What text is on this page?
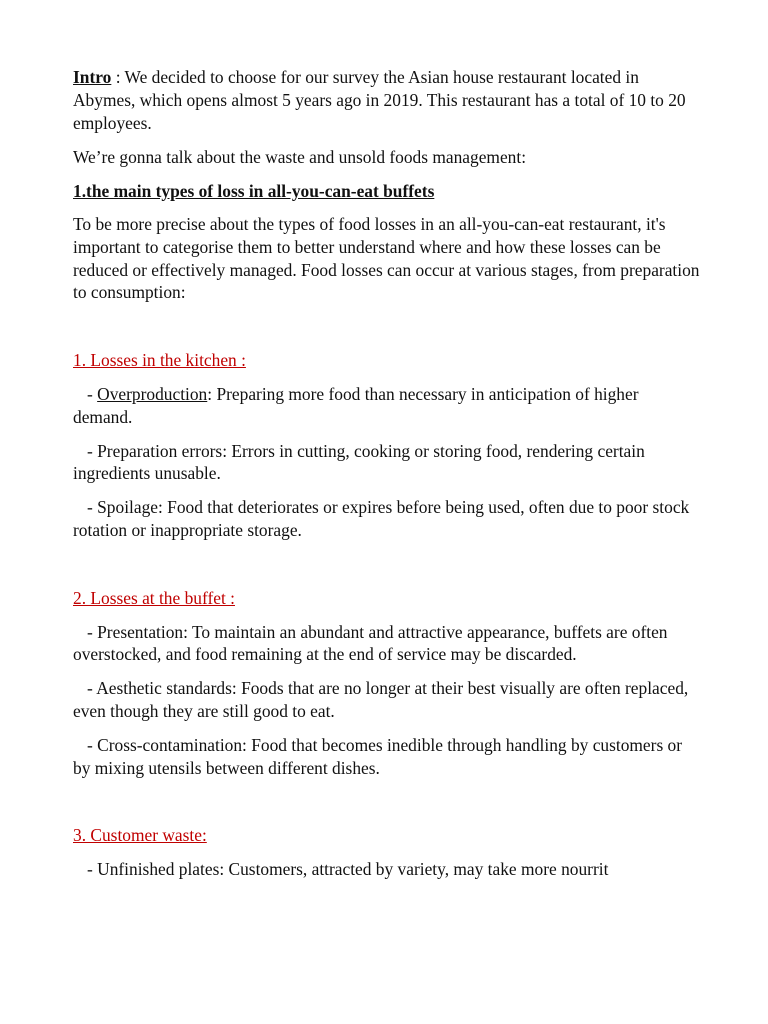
Intro : We decided to choose for our survey the Asian house restaurant located in Abymes, which opens almost 5 years ago in 2019. This restaurant has a total of 10 to 20 employees.

We’re gonna talk about the waste and unsold foods management:

1.the main types of loss in all-you-can-eat buffets

To be more precise about the types of food losses in an all-you-can-eat restaurant, it's important to categorise them to better understand where and how these losses can be reduced or effectively managed. Food losses can occur at various stages, from preparation to consumption:

1. Losses in the kitchen :

- Overproduction: Preparing more food than necessary in anticipation of higher demand.

- Preparation errors: Errors in cutting, cooking or storing food, rendering certain ingredients unusable.

- Spoilage: Food that deteriorates or expires before being used, often due to poor stock rotation or inappropriate storage.

2. Losses at the buffet :

- Presentation: To maintain an abundant and attractive appearance, buffets are often overstocked, and food remaining at the end of service may be discarded.

- Aesthetic standards: Foods that are no longer at their best visually are often replaced, even though they are still good to eat.

- Cross-contamination: Food that becomes inedible through handling by customers or by mixing utensils between different dishes.

3. Customer waste:

- Unfinished plates: Customers, attracted by variety, may take more nourrit
